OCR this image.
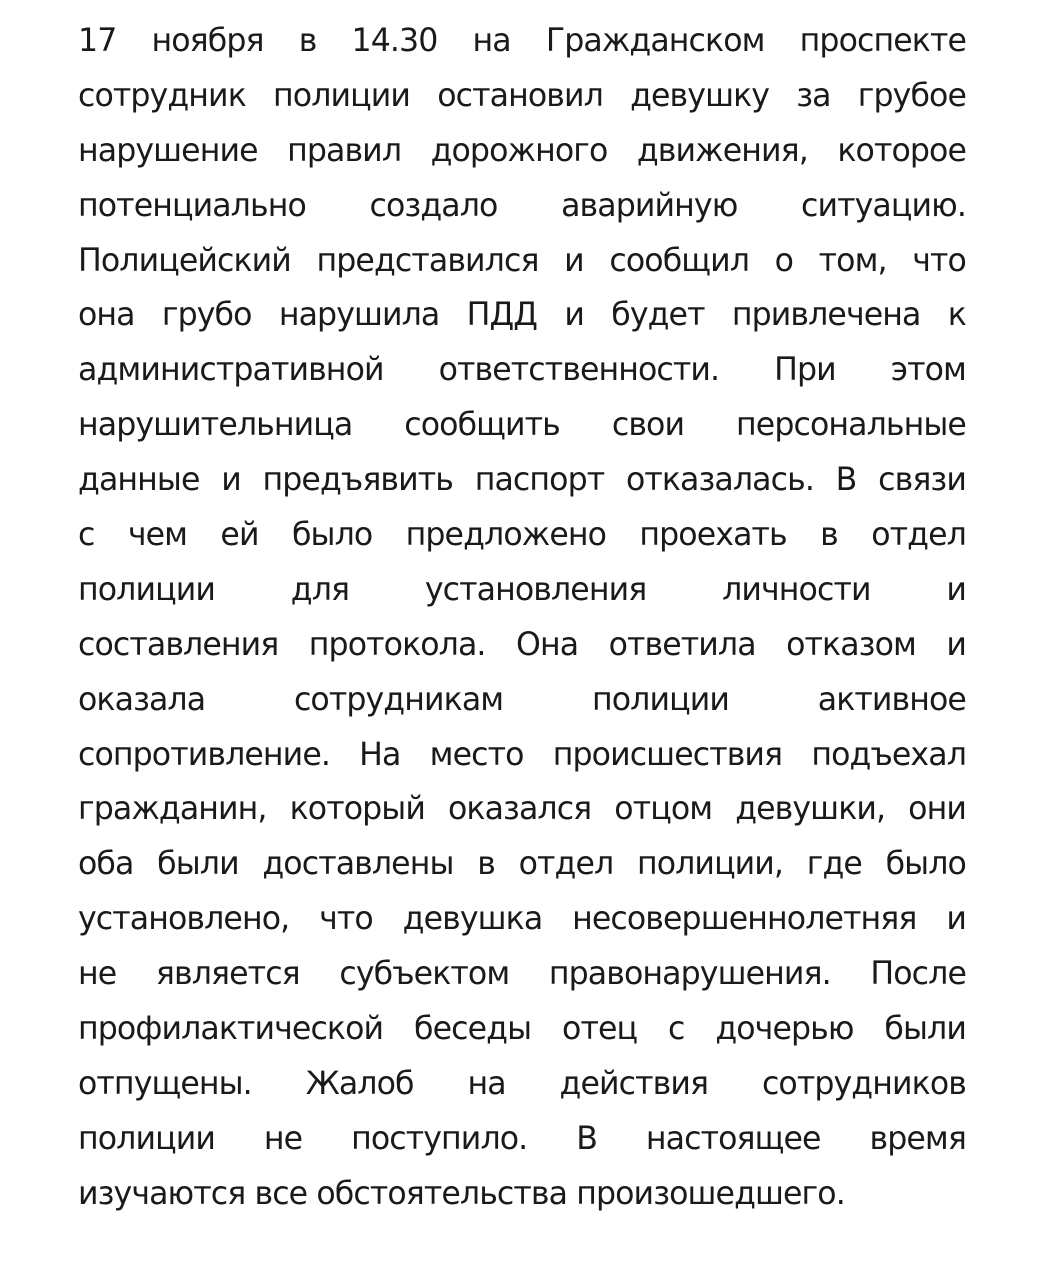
17 ноября в 14.30 на Гражданском проспекте
сотрудник полиции остановил девушку за грубое
нарушение правил дорожного движения, которое
потенциально создало аварийную ситуацию.
Полицейский представился и сообщил о том, что
она грубо нарушила ПДД и будет привлечена к
административной ответственности. При этом
нарушительница сообщить свои персональные
данные и предъявить паспорт отказалась. В связи
с чем ей было предложено проехать в отдел
полиции для установления личности и
составления протокола. Она ответила отказом и
оказала	сотрудникам	полиции	активное
сопротивление. На место происшествия подъехал
гражданин, который оказался отцом девушки, они
оба были доставлены в отдел полиции, где было
установлено, что девушка несовершеннолетняя и
не является субъектом правонарушения. После
профилактической беседы отец с дочерью были
отпущены. Жалоб на действия сотрудников
полиции не поступило. В настоящее время
изучаются все обстоятельства произошедшего.
